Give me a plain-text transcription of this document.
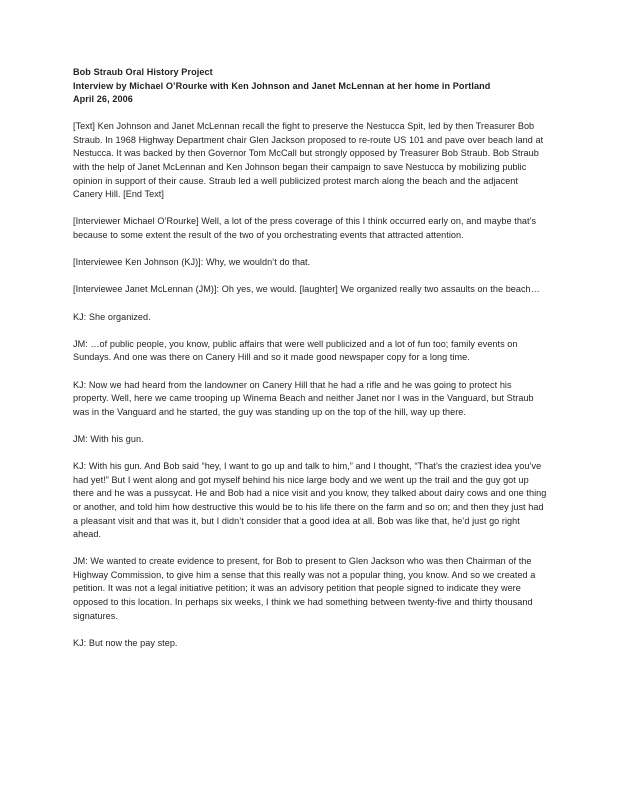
Bob Straub Oral History Project
Interview by Michael O’Rourke with Ken Johnson and Janet McLennan at her home in Portland
April 26, 2006

[Text] Ken Johnson and Janet McLennan recall the fight to preserve the Nestucca Spit, led by then Treasurer Bob Straub. In 1968 Highway Department chair Glen Jackson proposed to re-route US 101 and pave over beach land at Nestucca. It was backed by then Governor Tom McCall but strongly opposed by Treasurer Bob Straub. Bob Straub with the help of Janet McLennan and Ken Johnson began their campaign to save Nestucca by mobilizing public opinion in support of their cause. Straub led a well publicized protest march along the beach and the adjacent Canery Hill. [End Text]

[Interviewer Michael O’Rourke] Well, a lot of the press coverage of this I think occurred early on, and maybe that’s because to some extent the result of the two of you orchestrating events that attracted attention.

[Interviewee Ken Johnson (KJ)]: Why, we wouldn’t do that.

[Interviewee Janet McLennan (JM)]: Oh yes, we would. [laughter] We organized really two assaults on the beach…

KJ: She organized.

JM: …of public people, you know, public affairs that were well publicized and a lot of fun too; family events on Sundays. And one was there on Canery Hill and so it made good newspaper copy for a long time.

KJ: Now we had heard from the landowner on Canery Hill that he had a rifle and he was going to protect his property. Well, here we came trooping up Winema Beach and neither Janet nor I was in the Vanguard, but Straub was in the Vanguard and he started, the guy was standing up on the top of the hill, way up there.

JM: With his gun.

KJ: With his gun. And Bob said “hey, I want to go up and talk to him,” and I thought, “That’s the craziest idea you’ve had yet!” But I went along and got myself behind his nice large body and we went up the trail and the guy got up there and he was a pussycat. He and Bob had a nice visit and you know, they talked about dairy cows and one thing or another, and told him how destructive this would be to his life there on the farm and so on; and then they just had a pleasant visit and that was it, but I didn’t consider that a good idea at all. Bob was like that, he’d just go right ahead.

JM: We wanted to create evidence to present, for Bob to present to Glen Jackson who was then Chairman of the Highway Commission, to give him a sense that this really was not a popular thing, you know. And so we created a petition. It was not a legal initiative petition; it was an advisory petition that people signed to indicate they were opposed to this location. In perhaps six weeks, I think we had something between twenty-five and thirty thousand signatures.

KJ: But now the pay step.
